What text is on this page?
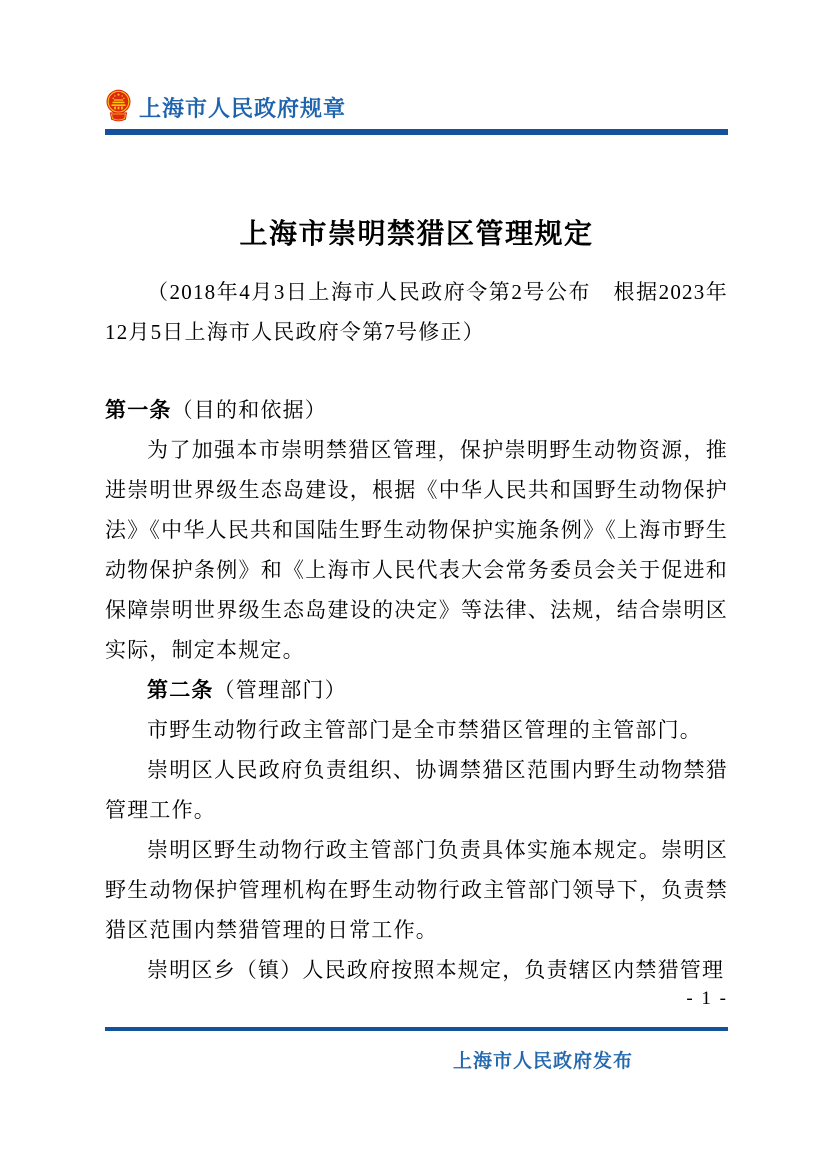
上海市人民政府规章
上海市崇明禁猎区管理规定

（2018年4月3日上海市人民政府令第2号公布　根据2023年12月5日上海市人民政府令第7号修正）

第一条（目的和依据）

为了加强本市崇明禁猎区管理，保护崇明野生动物资源，推进崇明世界级生态岛建设，根据《中华人民共和国野生动物保护法》《中华人民共和国陆生野生动物保护实施条例》《上海市野生动物保护条例》和《上海市人民代表大会常务委员会关于促进和保障崇明世界级生态岛建设的决定》等法律、法规，结合崇明区实际，制定本规定。

第二条（管理部门）

市野生动物行政主管部门是全市禁猎区管理的主管部门。

崇明区人民政府负责组织、协调禁猎区范围内野生动物禁猎管理工作。

崇明区野生动物行政主管部门负责具体实施本规定。崇明区野生动物保护管理机构在野生动物行政主管部门领导下，负责禁猎区范围内禁猎管理的日常工作。

崇明区乡（镇）人民政府按照本规定，负责辖区内禁猎管理

- 1 -
上海市人民政府发布
